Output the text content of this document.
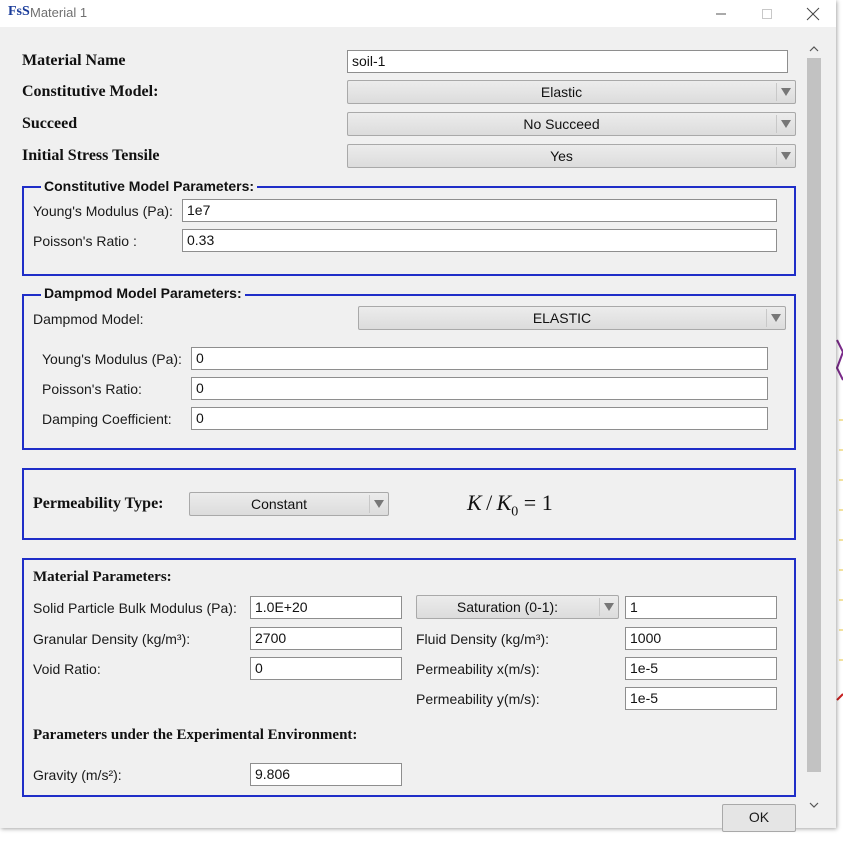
FsS Material 1
Material Name	soil-1
Constitutive Model:	Elastic
Succeed	No Succeed
Initial Stress Tensile	Yes
Constitutive Model Parameters:
Young's Modulus (Pa):	1e7
Poisson's Ratio :	0.33
Dampmod Model Parameters:
Dampmod Model:	ELASTIC
Young's Modulus (Pa):	0
Poisson's Ratio:	0
Damping Coefficient:	0
Permeability Type:	Constant	$K / K_0 = 1$
Material Parameters:
Solid Particle Bulk Modulus (Pa):	1.0E+20	Saturation (0-1):	1
Granular Density (kg/m³):	2700	Fluid Density (kg/m³):	1000
Void Ratio:	0	Permeability x(m/s):	1e-5
Permeability y(m/s):	1e-5
Parameters under the Experimental Environment:
Gravity (m/s²):	9.806
OK
